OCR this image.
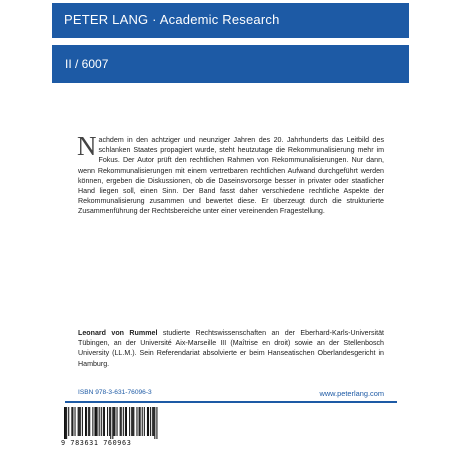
PETER LANG · Academic Research
II / 6007
Nachdem in den achtziger und neunziger Jahren des 20. Jahrhunderts das Leitbild des schlanken Staates propagiert wurde, steht heutzutage die Rekommunalisierung mehr im Fokus. Der Autor prüft den rechtlichen Rahmen von Rekommunalisierungen. Nur dann, wenn Rekommunalisierungen mit einem vertretbaren rechtlichen Aufwand durchgeführt werden können, ergeben die Diskussionen, ob die Daseinsvorsorge besser in privater oder staatlicher Hand liegen soll, einen Sinn. Der Band fasst daher verschiedene rechtliche Aspekte der Rekommunalisierung zusammen und bewertet diese. Er überzeugt durch die strukturierte Zusammenführung der Rechtsbereiche unter einer vereinenden Fragestellung.
Leonard von Rummel studierte Rechtswissenschaften an der Eberhard-Karls-Universität Tübingen, an der Université Aix-Marseille III (Maîtrise en droit) sowie an der Stellenbosch University (LL.M.). Sein Referendariat absolvierte er beim Hanseatischen Oberlandesgericht in Hamburg.
ISBN 978-3-631-76096-3	www.peterlang.com
9 783631 760963
